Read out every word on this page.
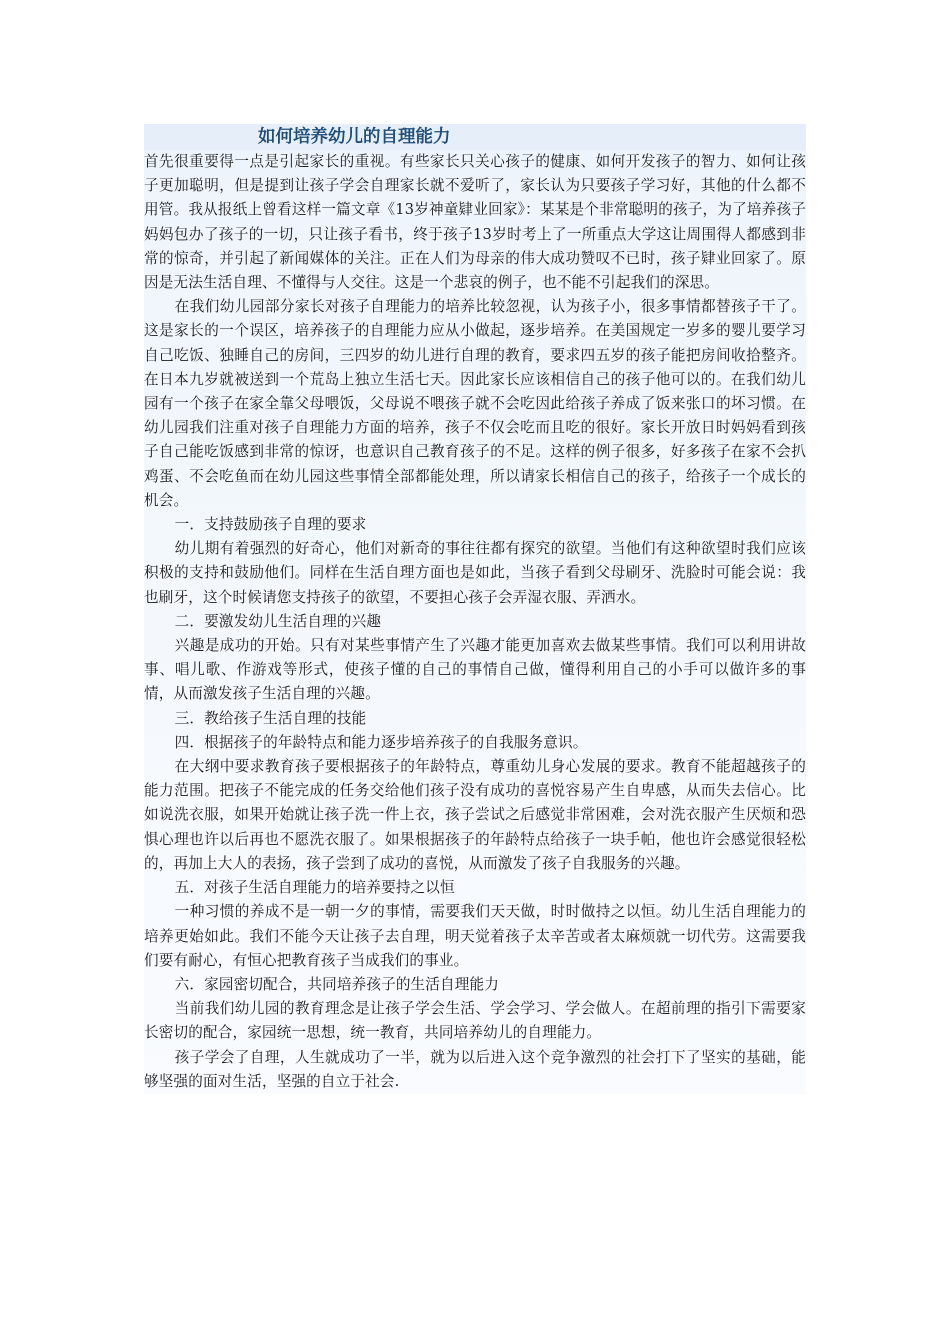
如何培养幼儿的自理能力

首先很重要得一点是引起家长的重视。有些家长只关心孩子的健康、如何开发孩子的智力、如何让孩子更加聪明，但是提到让孩子学会自理家长就不爱听了，家长认为只要孩子学习好，其他的什么都不用管。我从报纸上曾看这样一篇文章《13岁神童肄业回家》：某某是个非常聪明的孩子，为了培养孩子妈妈包办了孩子的一切，只让孩子看书，终于孩子13岁时考上了一所重点大学这让周围得人都感到非常的惊奇，并引起了新闻媒体的关注。正在人们为母亲的伟大成功赞叹不已时，孩子肄业回家了。原因是无法生活自理、不懂得与人交往。这是一个悲哀的例子，也不能不引起我们的深思。

在我们幼儿园部分家长对孩子自理能力的培养比较忽视，认为孩子小，很多事情都替孩子干了。这是家长的一个误区，培养孩子的自理能力应从小做起，逐步培养。在美国规定一岁多的婴儿要学习自己吃饭、独睡自己的房间，三四岁的幼儿进行自理的教育，要求四五岁的孩子能把房间收拾整齐。在日本九岁就被送到一个荒岛上独立生活七天。因此家长应该相信自己的孩子他可以的。在我们幼儿园有一个孩子在家全靠父母喂饭，父母说不喂孩子就不会吃因此给孩子养成了饭来张口的坏习惯。在幼儿园我们注重对孩子自理能力方面的培养，孩子不仅会吃而且吃的很好。家长开放日时妈妈看到孩子自己能吃饭感到非常的惊讶，也意识自己教育孩子的不足。这样的例子很多，好多孩子在家不会扒鸡蛋、不会吃鱼而在幼儿园这些事情全部都能处理，所以请家长相信自己的孩子，给孩子一个成长的机会。

一．支持鼓励孩子自理的要求

幼儿期有着强烈的好奇心，他们对新奇的事往往都有探究的欲望。当他们有这种欲望时我们应该积极的支持和鼓励他们。同样在生活自理方面也是如此，当孩子看到父母刷牙、洗脸时可能会说：我也刷牙，这个时候请您支持孩子的欲望，不要担心孩子会弄湿衣服、弄洒水。

二．要激发幼儿生活自理的兴趣

兴趣是成功的开始。只有对某些事情产生了兴趣才能更加喜欢去做某些事情。我们可以利用讲故事、唱儿歌、作游戏等形式，使孩子懂的自己的事情自己做，懂得利用自己的小手可以做许多的事情，从而激发孩子生活自理的兴趣。

三．教给孩子生活自理的技能

四．根据孩子的年龄特点和能力逐步培养孩子的自我服务意识。

在大纲中要求教育孩子要根据孩子的年龄特点，尊重幼儿身心发展的要求。教育不能超越孩子的能力范围。把孩子不能完成的任务交给他们孩子没有成功的喜悦容易产生自卑感，从而失去信心。比如说洗衣服，如果开始就让孩子洗一件上衣，孩子尝试之后感觉非常困难，会对洗衣服产生厌烦和恐惧心理也许以后再也不愿洗衣服了。如果根据孩子的年龄特点给孩子一块手帕，他也许会感觉很轻松的，再加上大人的表扬，孩子尝到了成功的喜悦，从而激发了孩子自我服务的兴趣。

五．对孩子生活自理能力的培养要持之以恒

一种习惯的养成不是一朝一夕的事情，需要我们天天做，时时做持之以恒。幼儿生活自理能力的培养更始如此。我们不能今天让孩子去自理，明天觉着孩子太辛苦或者太麻烦就一切代劳。这需要我们要有耐心，有恒心把教育孩子当成我们的事业。

六．家园密切配合，共同培养孩子的生活自理能力

当前我们幼儿园的教育理念是让孩子学会生活、学会学习、学会做人。在超前理的指引下需要家长密切的配合，家园统一思想，统一教育，共同培养幼儿的自理能力。

孩子学会了自理，人生就成功了一半，就为以后进入这个竞争激烈的社会打下了坚实的基础，能够坚强的面对生活，坚强的自立于社会.
